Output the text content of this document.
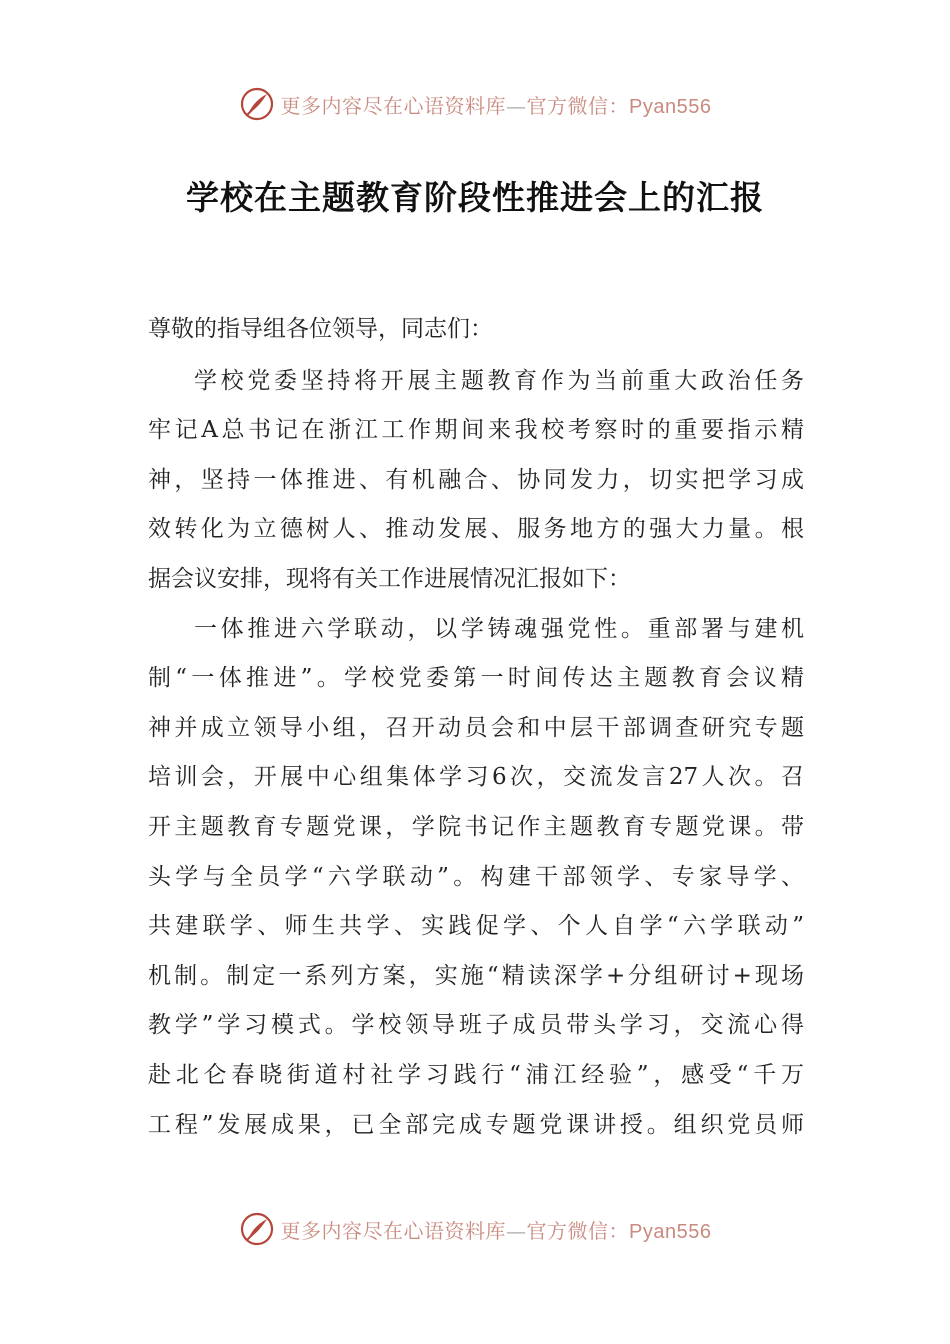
更多内容尽在心语资料库—官方微信：Pyan556
学校在主题教育阶段性推进会上的汇报

尊敬的指导组各位领导，同志们：

学校党委坚持将开展主题教育作为当前重大政治任务
牢记A总书记在浙江工作期间来我校考察时的重要指示精
神，坚持一体推进、有机融合、协同发力，切实把学习成
效转化为立德树人、推动发展、服务地方的强大力量。根
据会议安排，现将有关工作进展情况汇报如下：
一体推进六学联动，以学铸魂强党性。重部署与建机
制“一体推进”。学校党委第一时间传达主题教育会议精
神并成立领导小组，召开动员会和中层干部调查研究专题
培训会，开展中心组集体学习6次，交流发言27人次。召
开主题教育专题党课，学院书记作主题教育专题党课。带
头学与全员学“六学联动”。构建干部领学、专家导学、
共建联学、师生共学、实践促学、个人自学“六学联动”
机制。制定一系列方案，实施“精读深学+分组研讨+现场
教学”学习模式。学校领导班子成员带头学习，交流心得
赴北仑春晓街道村社学习践行“浦江经验”，感受“千万
工程”发展成果，已全部完成专题党课讲授。组织党员师
更多内容尽在心语资料库—官方微信：Pyan556
